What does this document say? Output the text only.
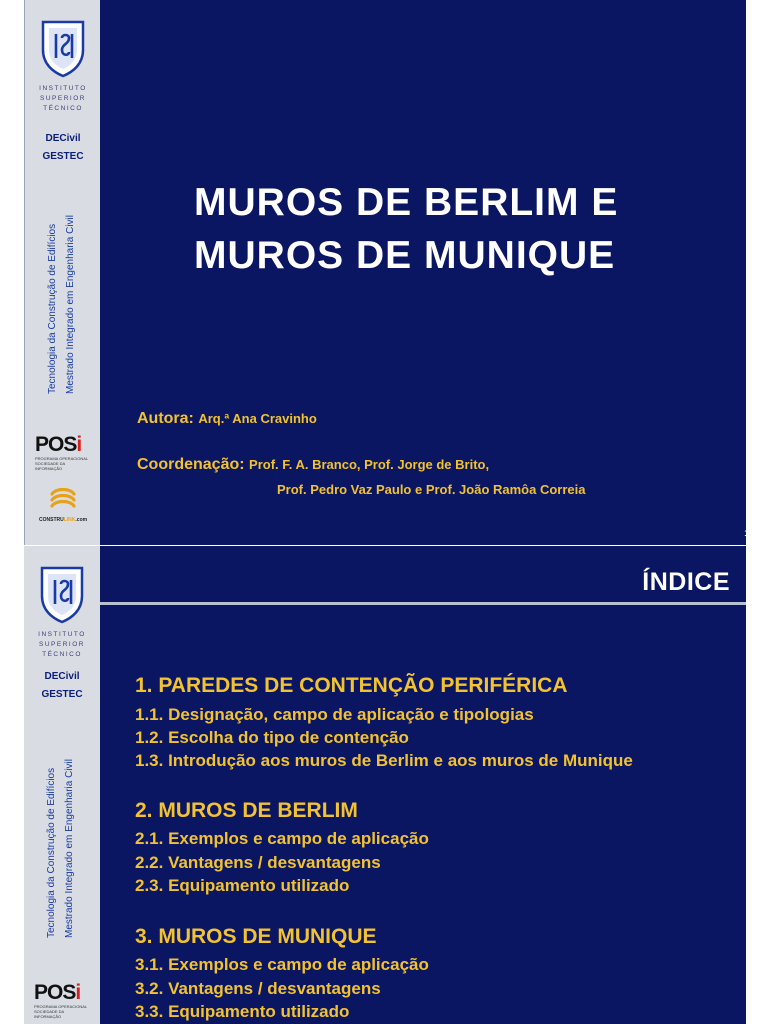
INSTITUTO
SUPERIOR
TÉCNICO
DECivil
GESTEC
Tecnologia da Construção de Edifícios Mestrado Integrado em Engenharia Civil
POSi
PROGRAMA OPERACIONAL
SOCIEDADE DA INFORMAÇÃO
CONSTRULINK.com
MUROS DE BERLIM E
MUROS DE MUNIQUE
Autora: Arq.ª Ana Cravinho
Coordenação: Prof. F. A. Branco, Prof. Jorge de Brito,
Prof. Pedro Vaz Paulo e Prof. João Ramôa Correia
1/60
INSTITUTO
SUPERIOR
TÉCNICO
DECivil
GESTEC
Tecnologia da Construção de Edifícios Mestrado Integrado em Engenharia Civil
POSi
PROGRAMA OPERACIONAL
SOCIEDADE DA INFORMAÇÃO
ÍNDICE
1. PAREDES DE CONTENÇÃO PERIFÉRICA
1.1. Designação, campo de aplicação e tipologias
1.2. Escolha do tipo de contenção
1.3. Introdução aos muros de Berlim e aos muros de Munique
2. MUROS DE BERLIM
2.1. Exemplos e campo de aplicação
2.2. Vantagens / desvantagens
2.3. Equipamento utilizado
3. MUROS DE MUNIQUE
3.1. Exemplos e campo de aplicação
3.2. Vantagens / desvantagens
3.3. Equipamento utilizado
